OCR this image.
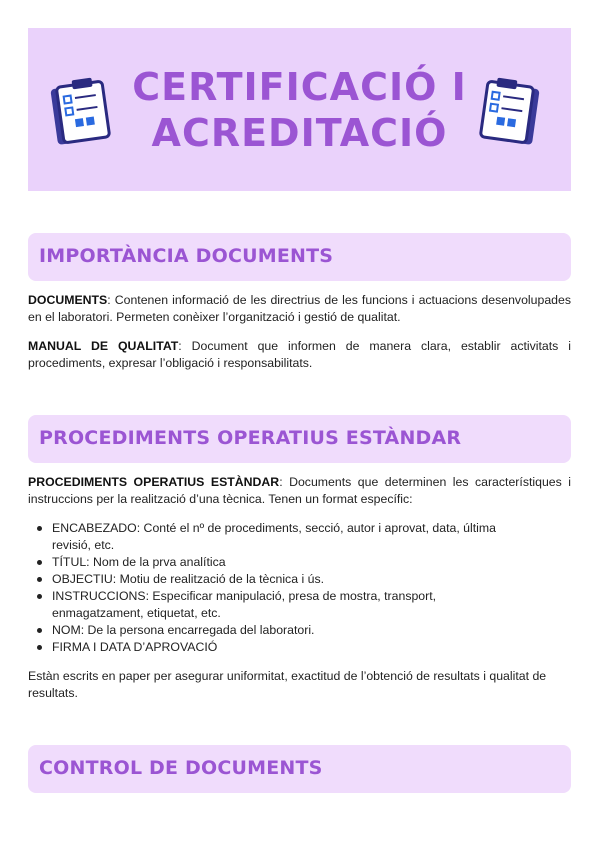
CERTIFICACIÓ I
ACREDITACIÓ
IMPORTÀNCIA DOCUMENTS
DOCUMENTS: Contenen informació de les directrius de les funcions i actuacions desenvolupades en el laboratori. Permeten conèixer l’organització i gestió de qualitat.
MANUAL DE QUALITAT: Document que informen de manera clara, establir activitats i procediments, expresar l’obligació i responsabilitats.
PROCEDIMENTS OPERATIUS ESTÀNDAR
PROCEDIMENTS OPERATIUS ESTÀNDAR: Documents que determinen les característiques i instruccions per la realització d’una tècnica. Tenen un format específic:
ENCABEZADO: Conté el nº de procediments, secció, autor i aprovat, data, última revisió, etc.
TÍTUL: Nom de la prva analítica
OBJECTIU: Motiu de realització de la tècnica i ús.
INSTRUCCIONS: Especificar manipulació, presa de mostra, transport, enmagatzament, etiquetat, etc.
NOM: De la persona encarregada del laboratori.
FIRMA I DATA D’APROVACIÓ
Estàn escrits en paper per asegurar uniformitat, exactitud de l’obtenció de resultats i qualitat de resultats.
CONTROL DE DOCUMENTS
